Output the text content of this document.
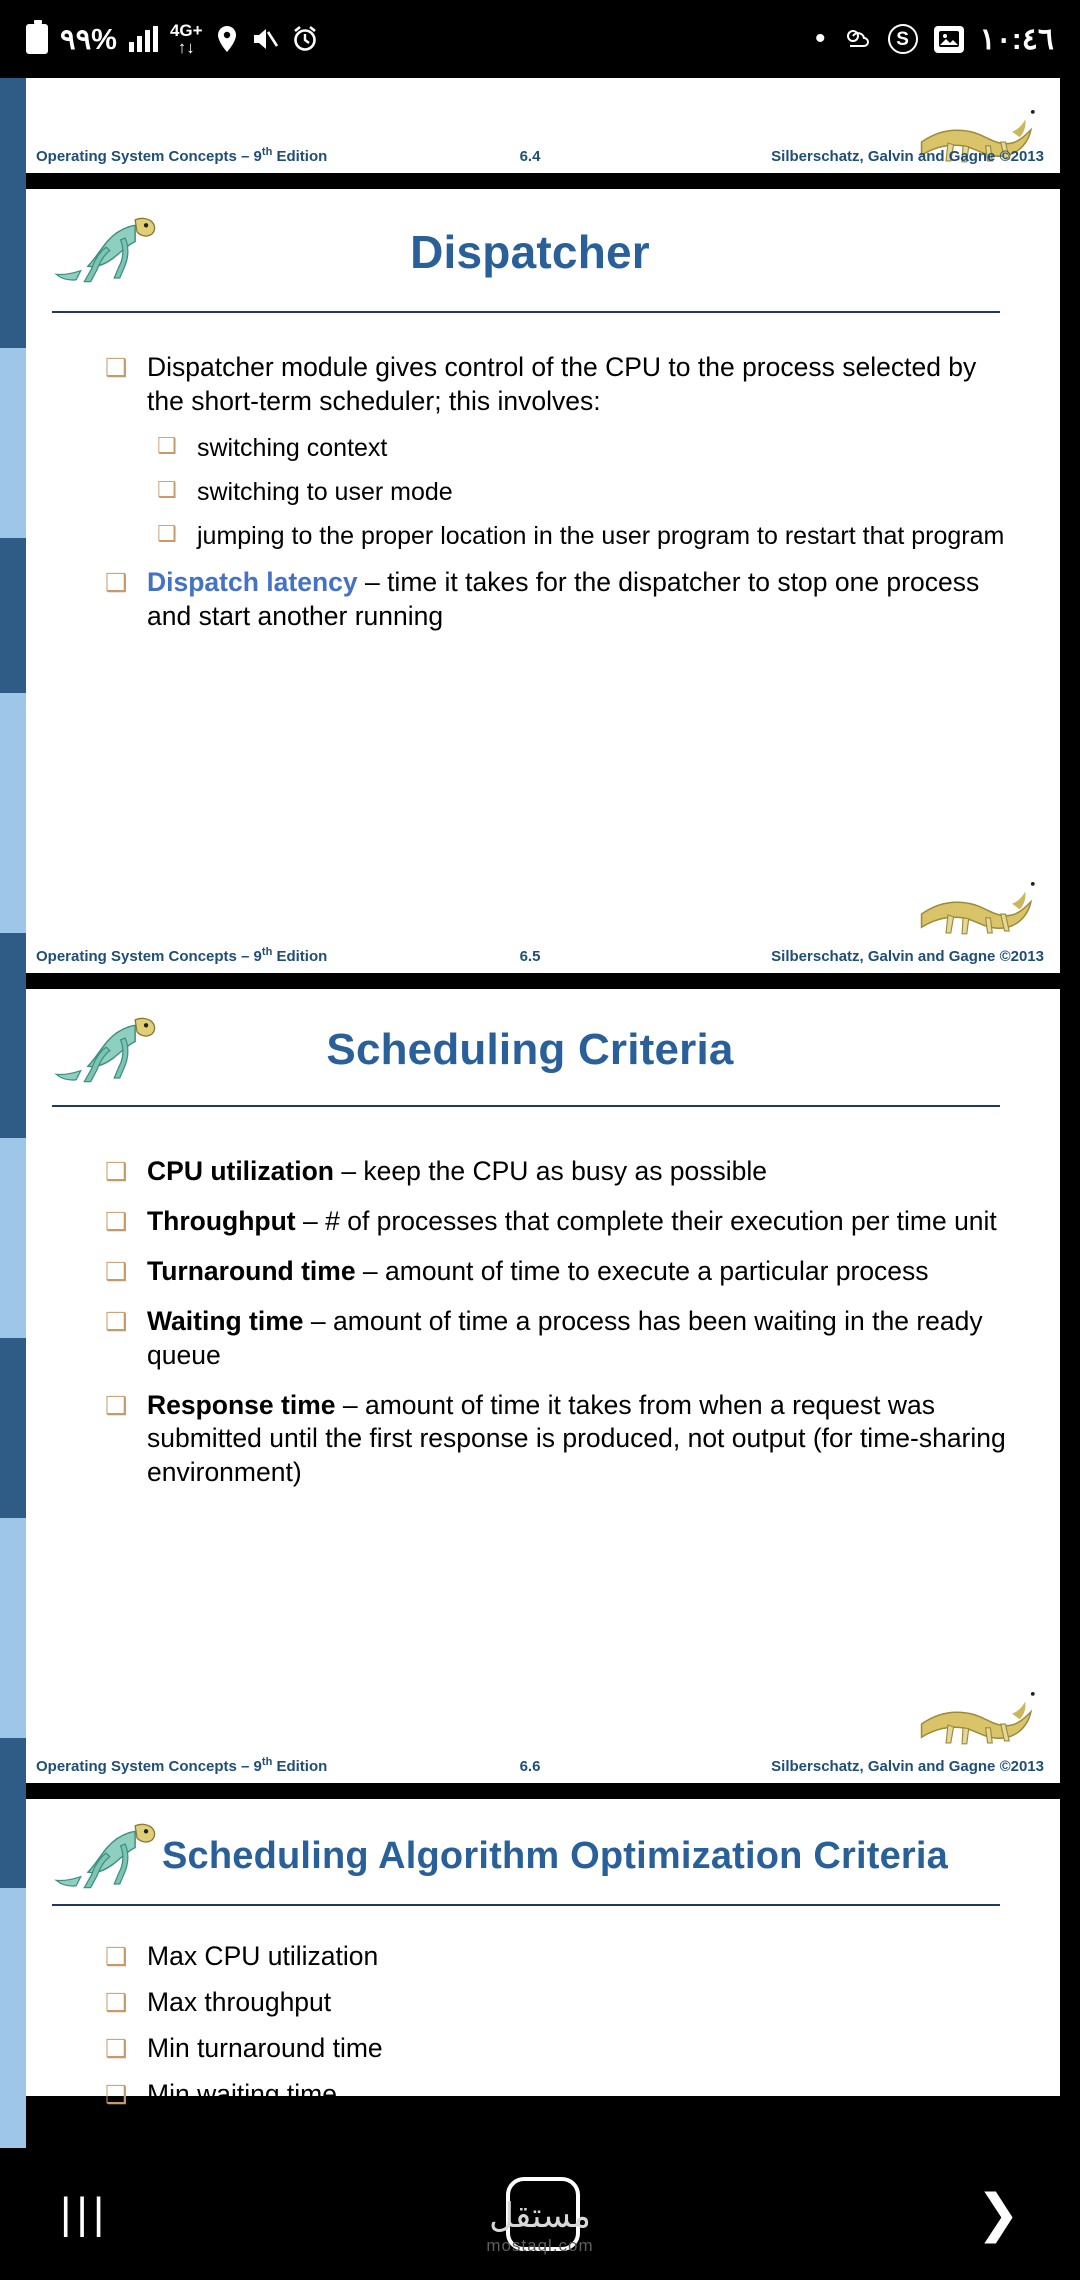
٩٩%	4G+
↑↓	•	S ١٠:٤٦
Operating System Concepts – 9th Edition	6.4	Silberschatz, Galvin and Gagne ©2013
Dispatcher
❑ Dispatcher module gives control of the CPU to the process selected by the short-term scheduler; this involves:
❑ switching context
❑ switching to user mode
❑ jumping to the proper location in the user program to restart that program
❑ Dispatch latency – time it takes for the dispatcher to stop one process and start another running
Operating System Concepts – 9th Edition	6.5	Silberschatz, Galvin and Gagne ©2013
Scheduling Criteria
❑ CPU utilization – keep the CPU as busy as possible
❑ Throughput – # of processes that complete their execution per time unit
❑ Turnaround time – amount of time to execute a particular process
❑ Waiting time – amount of time a process has been waiting in the ready queue
❑ Response time – amount of time it takes from when a request was submitted until the first response is produced, not output (for time-sharing environment)
Operating System Concepts – 9th Edition	6.6	Silberschatz, Galvin and Gagne ©2013
Scheduling Algorithm Optimization Criteria
❑ Max CPU utilization
❑ Max throughput
❑ Min turnaround time
❑ Min waiting time
|||	❯
مستقل
mostaql.com
